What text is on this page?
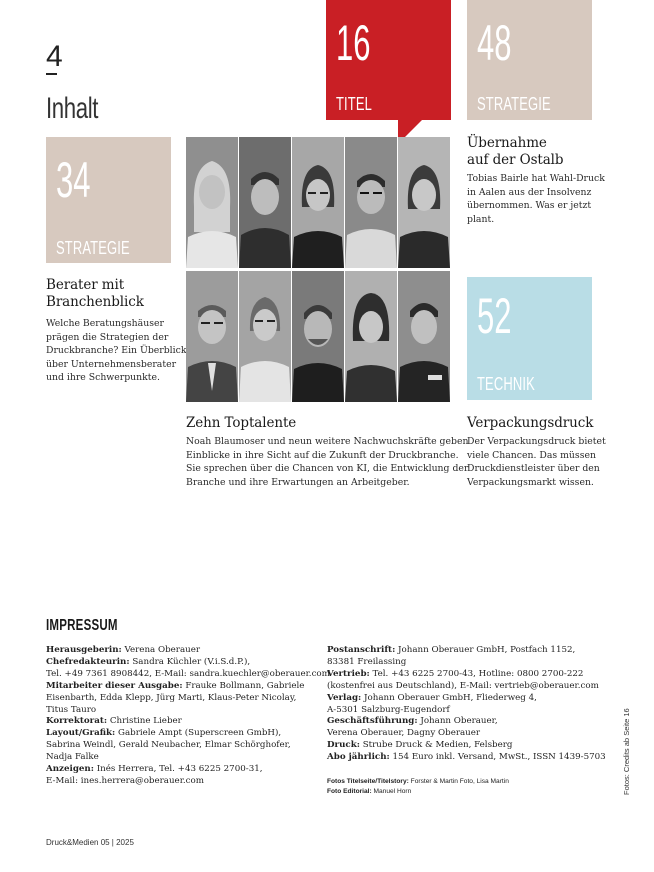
4
Inhalt
34
STRATEGIE
16
TITEL
48
STRATEGIE
52
TECHNIK
Übernahme
auf der Ostalb
Tobias Bairle hat Wahl-Druck
in Aalen aus der Insolvenz
übernommen. Was er jetzt
plant.
Berater mit
Branchenblick
Welche Beratungshäuser
prägen die Strategien der
Druckbranche? Ein Überblick
über Unternehmensberater
und ihre Schwerpunkte.
Zehn Toptalente
Noah Blaumoser und neun weitere Nachwuchskräfte geben
Einblicke in ihre Sicht auf die Zukunft der Druckbranche.
Sie sprechen über die Chancen von KI, die Entwicklung der
Branche und ihre Erwartungen an Arbeitgeber.
Verpackungsdruck
Der Verpackungsdruck bietet
viele Chancen. Das müssen
Druckdienstleister über den
Verpackungsmarkt wissen.
IMPRESSUM
Herausgeberin: Verena Oberauer
Chefredakteurin: Sandra Küchler (V.i.S.d.P.),
Tel. +49 7361 8908442, E-Mail: sandra.kuechler@oberauer.com
Mitarbeiter dieser Ausgabe: Frauke Bollmann, Gabriele
Eisenbarth, Edda Klepp, Jürg Marti, Klaus-Peter Nicolay,
Titus Tauro
Korrektorat: Christine Lieber
Layout/Grafik: Gabriele Ampt (Superscreen GmbH),
Sabrina Weindl, Gerald Neubacher, Elmar Schörghofer,
Nadja Falke
Anzeigen: Inés Herrera, Tel. +43 6225 2700-31,
E-Mail: ines.herrera@oberauer.com
Postanschrift: Johann Oberauer GmbH, Postfach 1152,
83381 Freilassing
Vertrieb: Tel. +43 6225 2700-43, Hotline: 0800 2700-222
(kostenfrei aus Deutschland), E-Mail: vertrieb@oberauer.com
Verlag: Johann Oberauer GmbH, Fliederweg 4,
A-5301 Salzburg-Eugendorf
Geschäftsführung: Johann Oberauer,
Verena Oberauer, Dagny Oberauer
Druck: Strube Druck & Medien, Felsberg
Abo jährlich: 154 Euro inkl. Versand, MwSt., ISSN 1439-5703
Fotos Titelseite/Titelstory: Forster & Martin Foto, Lisa Martin
Foto Editorial: Manuel Horn	Fotos: Credits ab Seite 16
Druck&Medien 05 | 2025
